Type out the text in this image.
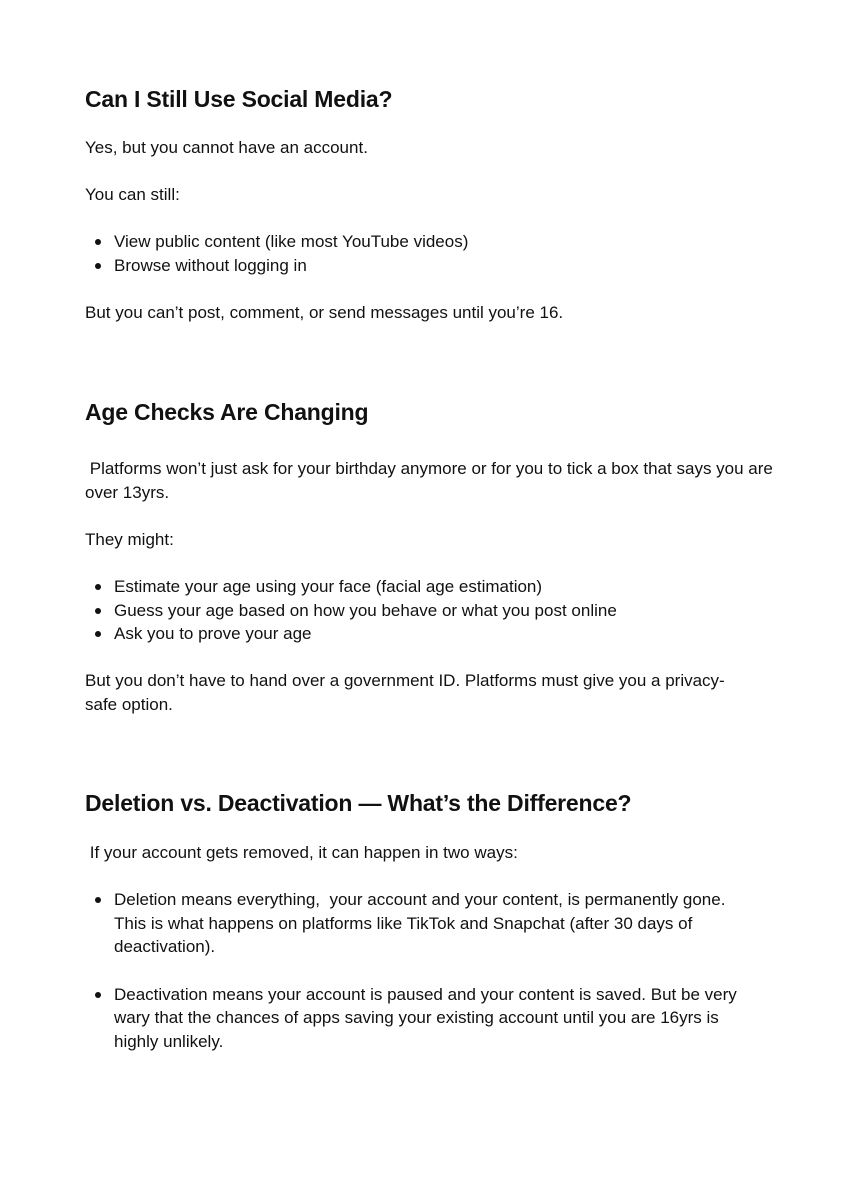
Can I Still Use Social Media?

Yes, but you cannot have an account.

You can still:

View public content (like most YouTube videos)
Browse without logging in

But you can’t post, comment, or send messages until you’re 16.

Age Checks Are Changing

Platforms won’t just ask for your birthday anymore or for you to tick a box that says you are over 13yrs.

They might:

Estimate your age using your face (facial age estimation)
Guess your age based on how you behave or what you post online
Ask you to prove your age

But you don’t have to hand over a government ID. Platforms must give you a privacy-safe option.

Deletion vs. Deactivation — What’s the Difference?

If your account gets removed, it can happen in two ways:

Deletion means everything,  your account and your content, is permanently gone. This is what happens on platforms like TikTok and Snapchat (after 30 days of deactivation).
Deactivation means your account is paused and your content is saved. But be very wary that the chances of apps saving your existing account until you are 16yrs is highly unlikely.
